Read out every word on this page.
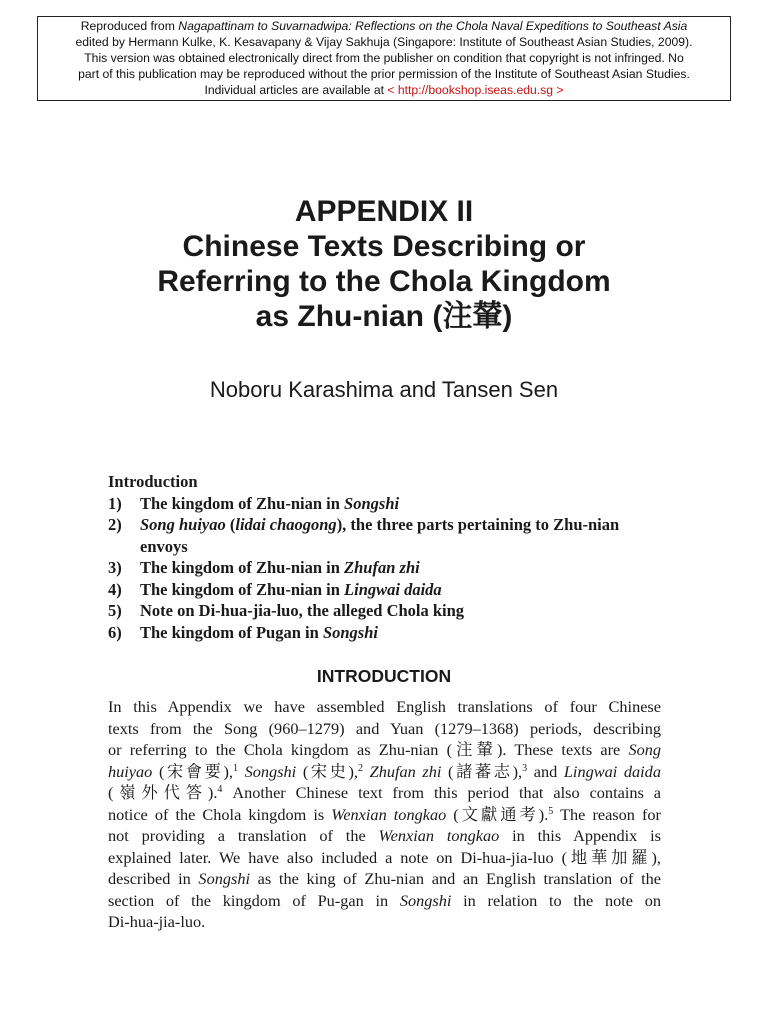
Reproduced from Nagapattinam to Suvarnadwipa: Reflections on the Chola Naval Expeditions to Southeast Asia
edited by Hermann Kulke, K. Kesavapany & Vijay Sakhuja (Singapore: Institute of Southeast Asian Studies, 2009).
This version was obtained electronically direct from the publisher on condition that copyright is not infringed. No
part of this publication may be reproduced without the prior permission of the Institute of Southeast Asian Studies.
Individual articles are available at < http://bookshop.iseas.edu.sg >
APPENDIX II
Chinese Texts Describing or
Referring to the Chola Kingdom
as Zhu-nian (注輦)
Noboru Karashima and Tansen Sen
Introduction
1)	The kingdom of Zhu-nian in Songshi
2)	Song huiyao (lidai chaogong), the three parts pertaining to Zhu-nian
envoys
3)	The kingdom of Zhu-nian in Zhufan zhi
4)	The kingdom of Zhu-nian in Lingwai daida
5)	Note on Di-hua-jia-luo, the alleged Chola king
6)	The kingdom of Pugan in Songshi
INTRODUCTION
In this Appendix we have assembled English translations of four Chinese
texts from the Song (960–1279) and Yuan (1279–1368) periods, describing
or referring to the Chola kingdom as Zhu-nian (注輦). These texts are Song
huiyao (宋會要),$^1$ Songshi (宋史),$^2$ Zhufan zhi (諸蕃志),$^3$ and Lingwai daida
(嶺外代答).$^4$ Another Chinese text from this period that also contains a
notice of the Chola kingdom is Wenxian tongkao (文獻通考).$^5$ The reason for
not providing a translation of the Wenxian tongkao in this Appendix is
explained later. We have also included a note on Di-hua-jia-luo (地華加羅),
described in Songshi as the king of Zhu-nian and an English translation of the
section of the kingdom of Pu-gan in Songshi in relation to the note on
Di-hua-jia-luo.
